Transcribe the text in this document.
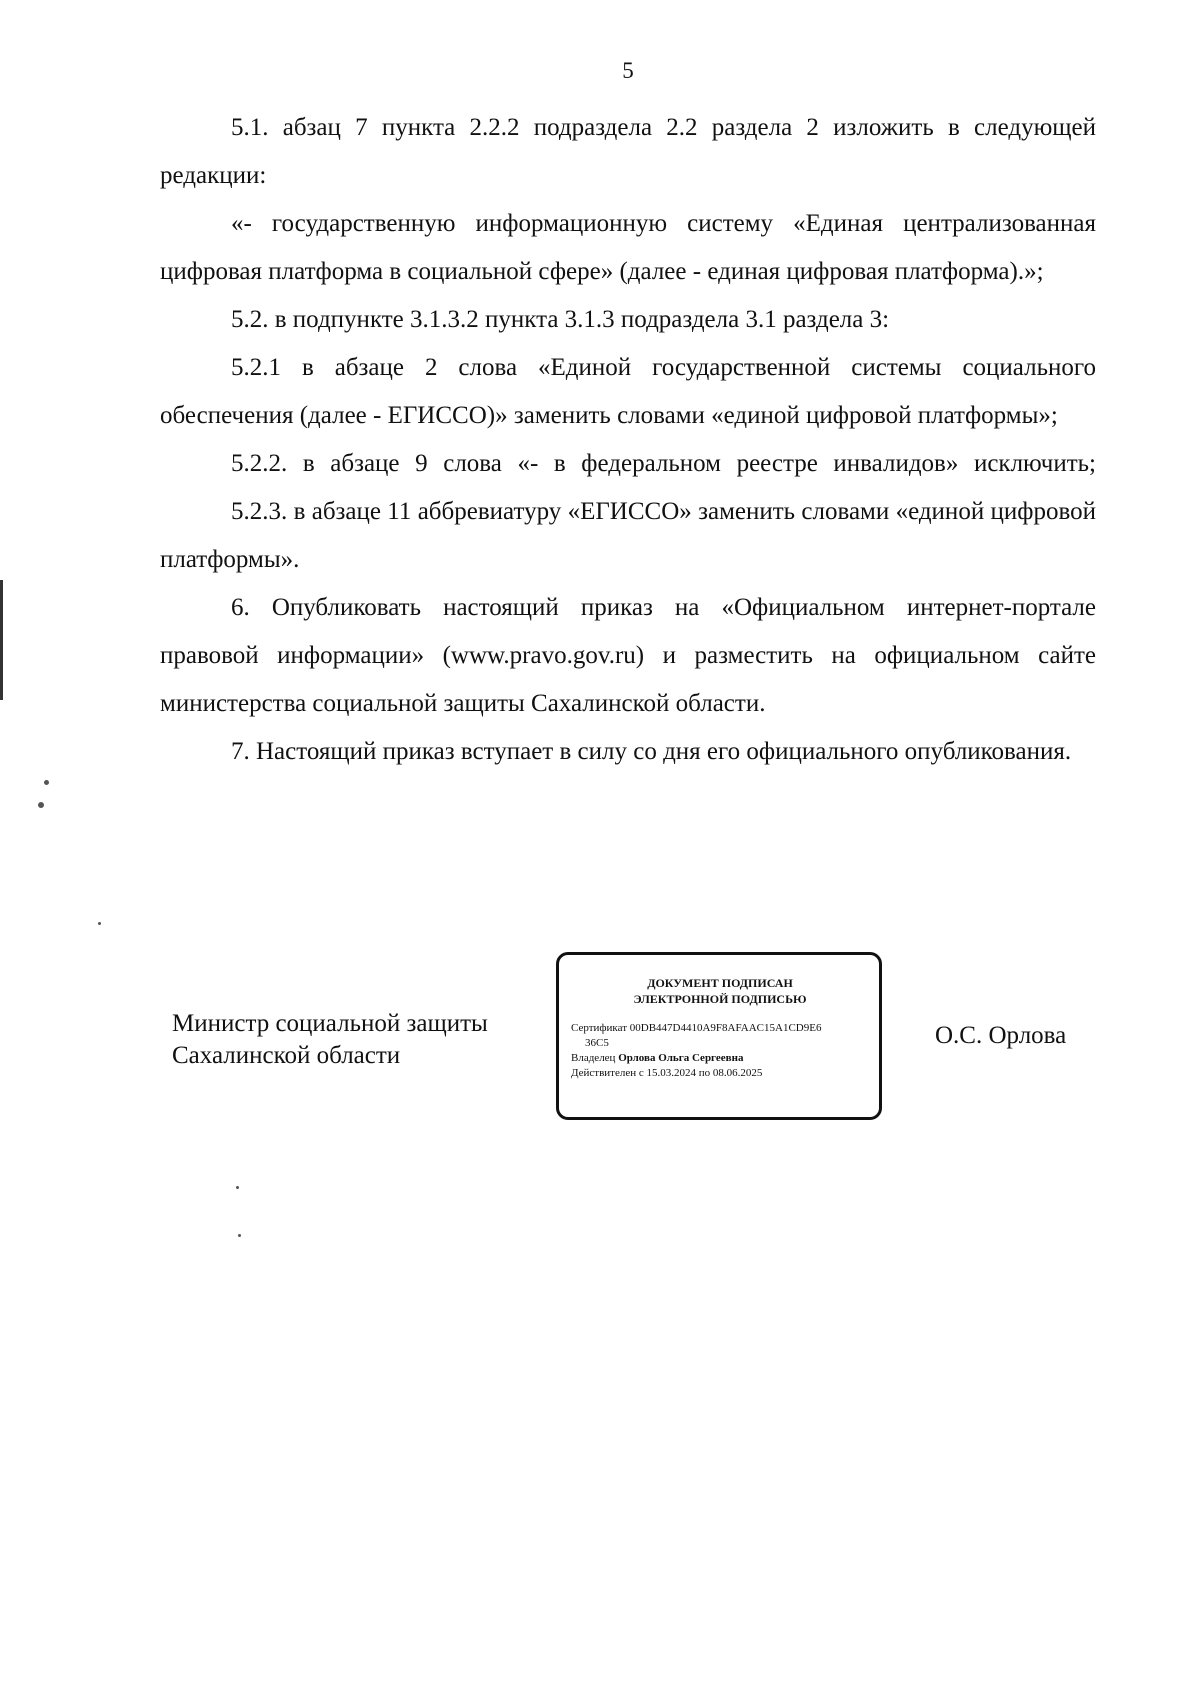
5

5.1. абзац 7 пункта 2.2.2 подраздела 2.2 раздела 2 изложить в следующей редакции:

«- государственную информационную систему «Единая централизованная цифровая платформа в социальной сфере» (далее - единая цифровая платформа).»;

5.2. в подпункте 3.1.3.2 пункта 3.1.3 подраздела 3.1 раздела 3:

5.2.1 в абзаце 2 слова «Единой государственной системы социального обеспечения (далее - ЕГИССО)» заменить словами «единой цифровой платформы»;

5.2.2. в абзаце 9 слова «- в федеральном реестре инвалидов» исключить;

5.2.3. в абзаце 11 аббревиатуру «ЕГИССО» заменить словами «единой цифровой платформы».

6. Опубликовать настоящий приказ на «Официальном интернет-портале правовой информации» (www.pravo.gov.ru) и разместить на официальном сайте министерства социальной защиты Сахалинской области.

7. Настоящий приказ вступает в силу со дня его официального опубликования.

Министр социальной защиты
Сахалинской области
ДОКУМЕНТ ПОДПИСАН
ЭЛЕКТРОННОЙ ПОДПИСЬЮ
Сертификат 00DB447D4410A9F8AFAAC15A1CD9E6
36C5
Владелец Орлова Ольга Сергеевна
Действителен с 15.03.2024 по 08.06.2025
О.С. Орлова
